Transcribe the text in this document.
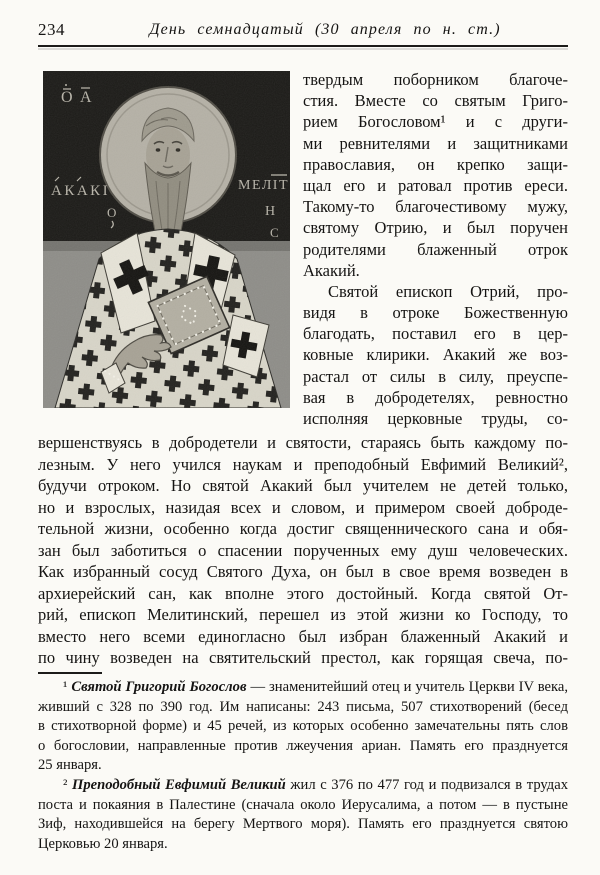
234	День семнадцатый (30 апреля по н. ст.)
О А
АКАКІ
О
МЕЛІТ
Н
С
твердым поборником благоче-
стия. Вместе со святым Григо-
рием Богословом¹ и с други-
ми ревнителями и защитниками
православия, он крепко защи-
щал его и ратовал против ереси.
Такому-то благочестивому мужу,
святому Отрию, и был поручен
родителями блаженный отрок
Акакий.
Святой епископ Отрий, про-
видя в отроке Божественную
благодать, поставил его в цер-
ковные клирики. Акакий же воз-
растал от силы в силу, преуспе-
вая в добродетелях, ревностно
исполняя церковные труды, со-
вершенствуясь в добродетели и святости, стараясь быть каждому по-
лезным. У него учился наукам и преподобный Евфимий Великий²,
будучи отроком. Но святой Акакий был учителем не детей только,
но и взрослых, назидая всех и словом, и примером своей доброде-
тельной жизни, особенно когда достиг священнического сана и обя-
зан был заботиться о спасении порученных ему душ человеческих.
Как избранный сосуд Святого Духа, он был в свое время возведен в
архиерейский сан, как вполне этого достойный. Когда святой От-
рий, епископ Мелитинский, перешел из этой жизни ко Господу, то
вместо него всеми единогласно был избран блаженный Акакий и
по чину возведен на святительский престол, как горящая свеча, по-
¹ Святой Григорий Богослов — знаменитейший отец и учитель Церкви IV века,
живший с 328 по 390 год. Им написаны: 243 письма, 507 стихотворений (бесед
в стихотворной форме) и 45 речей, из которых особенно замечательны пять слов
о богословии, направленные против лжеучения ариан. Память его празднуется
25 января.
² Преподобный Евфимий Великий жил с 376 по 477 год и подвизался в трудах
поста и покаяния в Палестине (сначала около Иерусалима, а потом — в пустыне
Зиф, находившейся на берегу Мертвого моря). Память его празднуется святою
Церковью 20 января.
